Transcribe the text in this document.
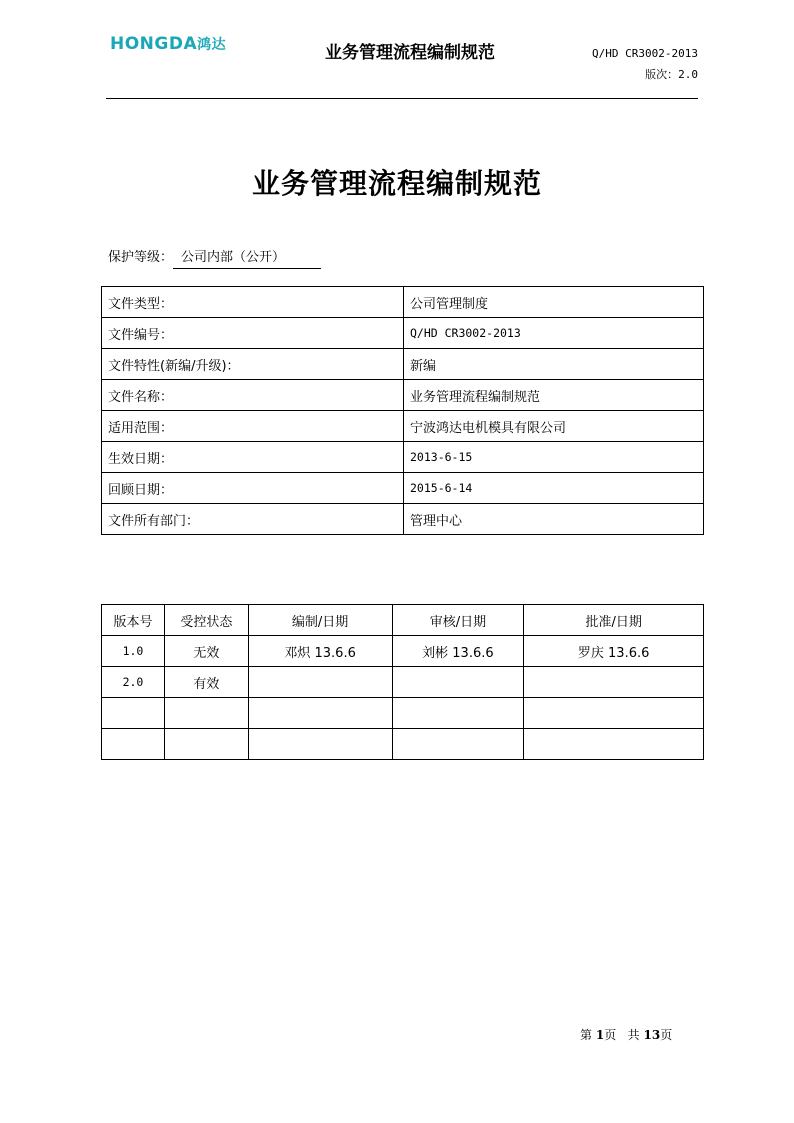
HONGDA鸿达	业务管理流程编制规范	Q/HD CR3002-2013
版次：2.0
业务管理流程编制规范
保护等级： 公司内部（公开）
文件类型：	公司管理制度
文件编号：	Q/HD CR3002-2013
文件特性(新编/升级)：	新编
文件名称：	业务管理流程编制规范
适用范围：	宁波鸿达电机模具有限公司
生效日期：	2013-6-15
回顾日期：	2015-6-14
文件所有部门：	管理中心
版本号	受控状态	编制/日期	审核/日期	批准/日期
1.0	无效	邓炽 13.6.6	刘彬 13.6.6	罗庆 13.6.6
2.0	有效			

第 1页 共 13页
